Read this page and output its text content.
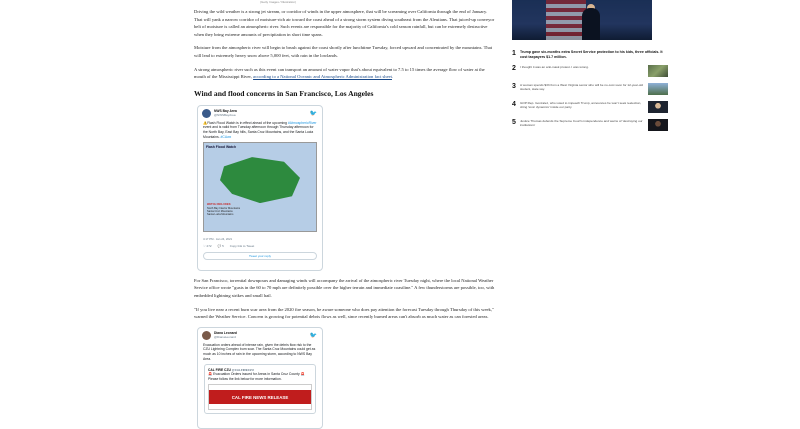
(Getty Images / Illustration)

Driving the wild weather is a strong jet stream, or corridor of winds in the upper atmosphere, that will be screaming over California through the end of January. That will yank a narrow corridor of moisture-rich air toward the coast ahead of a strong storm system diving southeast from the Aleutians. That juiced-up conveyor belt of moisture is called an atmospheric river. Such events are responsible for the majority of California's cold season rainfall, but can be extremely destructive when they bring extreme amounts of precipitation in short time spans.

Moisture from the atmospheric river will begin to brush against the coast shortly after lunchtime Tuesday, forced upward and concentrated by the mountains. That will lead to extremely heavy snow above 5,000 feet, with rain in the lowlands.

A strong atmospheric river such as this event can transport an amount of water vapor that's about equivalent to 7.5 to 15 times the average flow of water at the mouth of the Mississippi River, according to a National Oceanic and Atmospheric Administration fact sheet.

Wind and flood concerns in San Francisco, Los Angeles
NWS Bay Area
@NWSBayArea	🐦
⚠️Flash Flood Watch is in effect ahead of the upcoming #AtmosphericRiver event and is valid from Tuesday afternoon through Thursday afternoon for the North Bay, East Bay hills, Santa Cruz Mountains, and the Santa Lucia Mountains. #CAwx
Flash Flood Watch
WATCH INCLUDES:
North Bay Interior Mountains
Santa Cruz Mountains
Santa Lucia Mountains
4:17 PM · Jan 24, 2021
♡ 272 💬 5 Copy link to Tweet
Tweet your reply

For San Francisco, torrential downpours and damaging winds will accompany the arrival of the atmospheric river Tuesday night, where the local National Weather Service office wrote "gusts in the 60 to 70 mph are definitely possible over the higher terrain and immediate coastline." A few thunderstorms are possible, too, with embedded lightning strikes and small hail.

"If you live near a recent burn scar area from the 2020 fire season, be aware someone who does pay attention the forecast Tuesday through Thursday of this week," warned the Weather Service. Concern is growing for potential debris flows as well, since recently burned areas can't absorb as much water as can forested areas.

Diana Leonard
@DianaLeonard	🐦
Evacuation orders ahead of intense rain, given the debris flow risk to the CZU Lightning Complex burn scar. The Santa Cruz Mountains could get as much as 10 inches of rain in the upcoming storm, according to NWS Bay Area.
CAL FIRE CZU @CALFIRECZU
🚨 Evacuation Orders issued for Areas in Santa Cruz County 🚨 Please follow the link below for more information.
CAL FIRE NEWS RELEASE
1	Trump gave six-months extra Secret Service protection to his kids, three officials. It cost taxpayers $1.7 million.
2	I thought it was an anti-mask protest. I was wrong.
3	A woman spends $33 from a West Virginia senior who will be no-cost soon for 12-year-old student, state say.
4	GOP Rep. Gonzalez, who voted to impeach Trump, announces he won't seek reelection, citing 'toxic dynamics' inside our party.
5	Justice Thomas defends the Supreme Court's independence and warns of 'destroying our institutions'
